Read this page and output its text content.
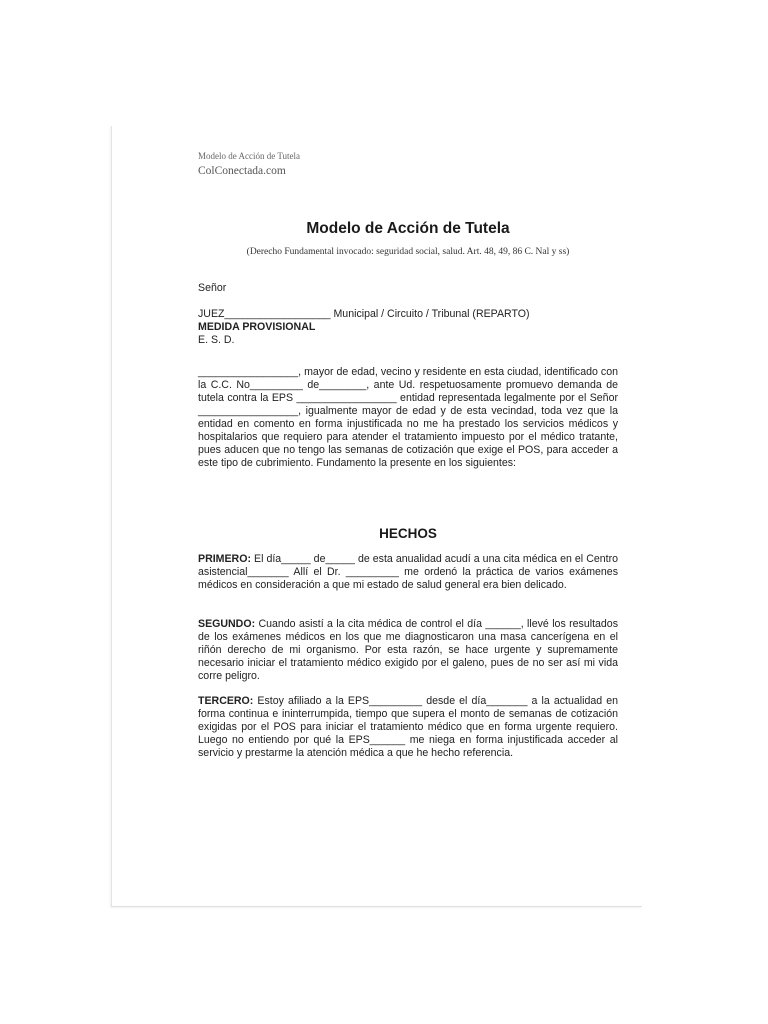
Modelo de Acción de Tutela
ColConectada.com
Modelo de Acción de Tutela
(Derecho Fundamental invocado: seguridad social, salud. Art. 48, 49, 86 C. Nal y ss)
Señor
JUEZ__________________ Municipal / Circuito / Tribunal (REPARTO)
MEDIDA PROVISIONAL
E. S. D.
_________________, mayor de edad, vecino y residente en esta ciudad, identificado con la C.C. No_________ de________, ante Ud. respetuosamente promuevo demanda de tutela contra la EPS _________________ entidad representada legalmente por el Señor _________________, igualmente mayor de edad y de esta vecindad, toda vez que la entidad en comento en forma injustificada no me ha prestado los servicios médicos y hospitalarios que requiero para atender el tratamiento impuesto por el médico tratante, pues aducen que no tengo las semanas de cotización que exige el POS, para acceder a este tipo de cubrimiento. Fundamento la presente en los siguientes:
HECHOS
PRIMERO: El día_____ de_____ de esta anualidad acudí a una cita médica en el Centro asistencial_______ Allí el Dr. _________ me ordenó la práctica de varios exámenes médicos en consideración a que mi estado de salud general era bien delicado.
SEGUNDO: Cuando asistí a la cita médica de control el día ______, llevé los resultados de los exámenes médicos en los que me diagnosticaron una masa cancerígena en el riñón derecho de mi organismo. Por esta razón, se hace urgente y supremamente necesario iniciar el tratamiento médico exigido por el galeno, pues de no ser así mi vida corre peligro.
TERCERO: Estoy afiliado a la EPS_________ desde el día_______ a la actualidad en forma continua e ininterrumpida, tiempo que supera el monto de semanas de cotización exigidas por el POS para iniciar el tratamiento médico que en forma urgente requiero. Luego no entiendo por qué la EPS______ me niega en forma injustificada acceder al servicio y prestarme la atención médica a que he hecho referencia.
